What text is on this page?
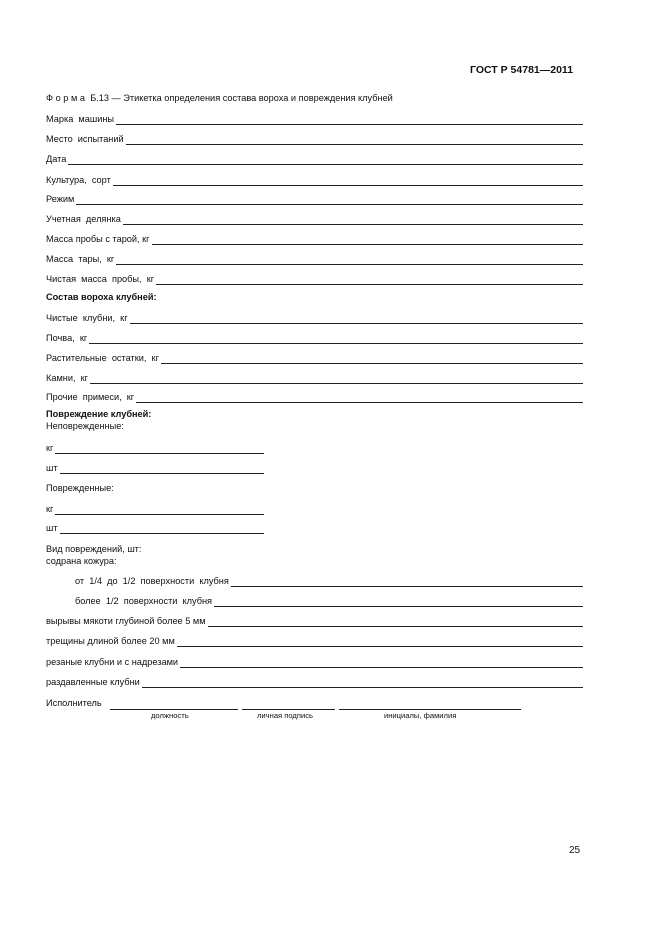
ГОСТ Р 54781—2011
Форма Б.13 — Этикетка определения состава вороха и повреждения клубней
Марка  машины
Место  испытаний
Дата
Культура,  сорт
Режим
Учетная  делянка
Масса пробы с тарой, кг
Масса  тары,  кг
Чистая  масса  пробы,  кг
Состав вороха клубней:
Чистые  клубни,  кг
Почва,  кг
Растительные  остатки,  кг
Камни,  кг
Прочие  примеси,  кг
Повреждение клубней:
Неповрежденные:
кг
шт
Поврежденные:
кг
шт
Вид повреждений, шт:
содрана кожура:
от  1/4  до  1/2  поверхности  клубня
более  1/2  поверхности  клубня
вырывы мякоти глубиной более 5 мм
трещины длиной более 20 мм
резаные клубни и с надрезами
раздавленные клубни
Исполнитель
должность	личная подпись	инициалы, фамилия
25
